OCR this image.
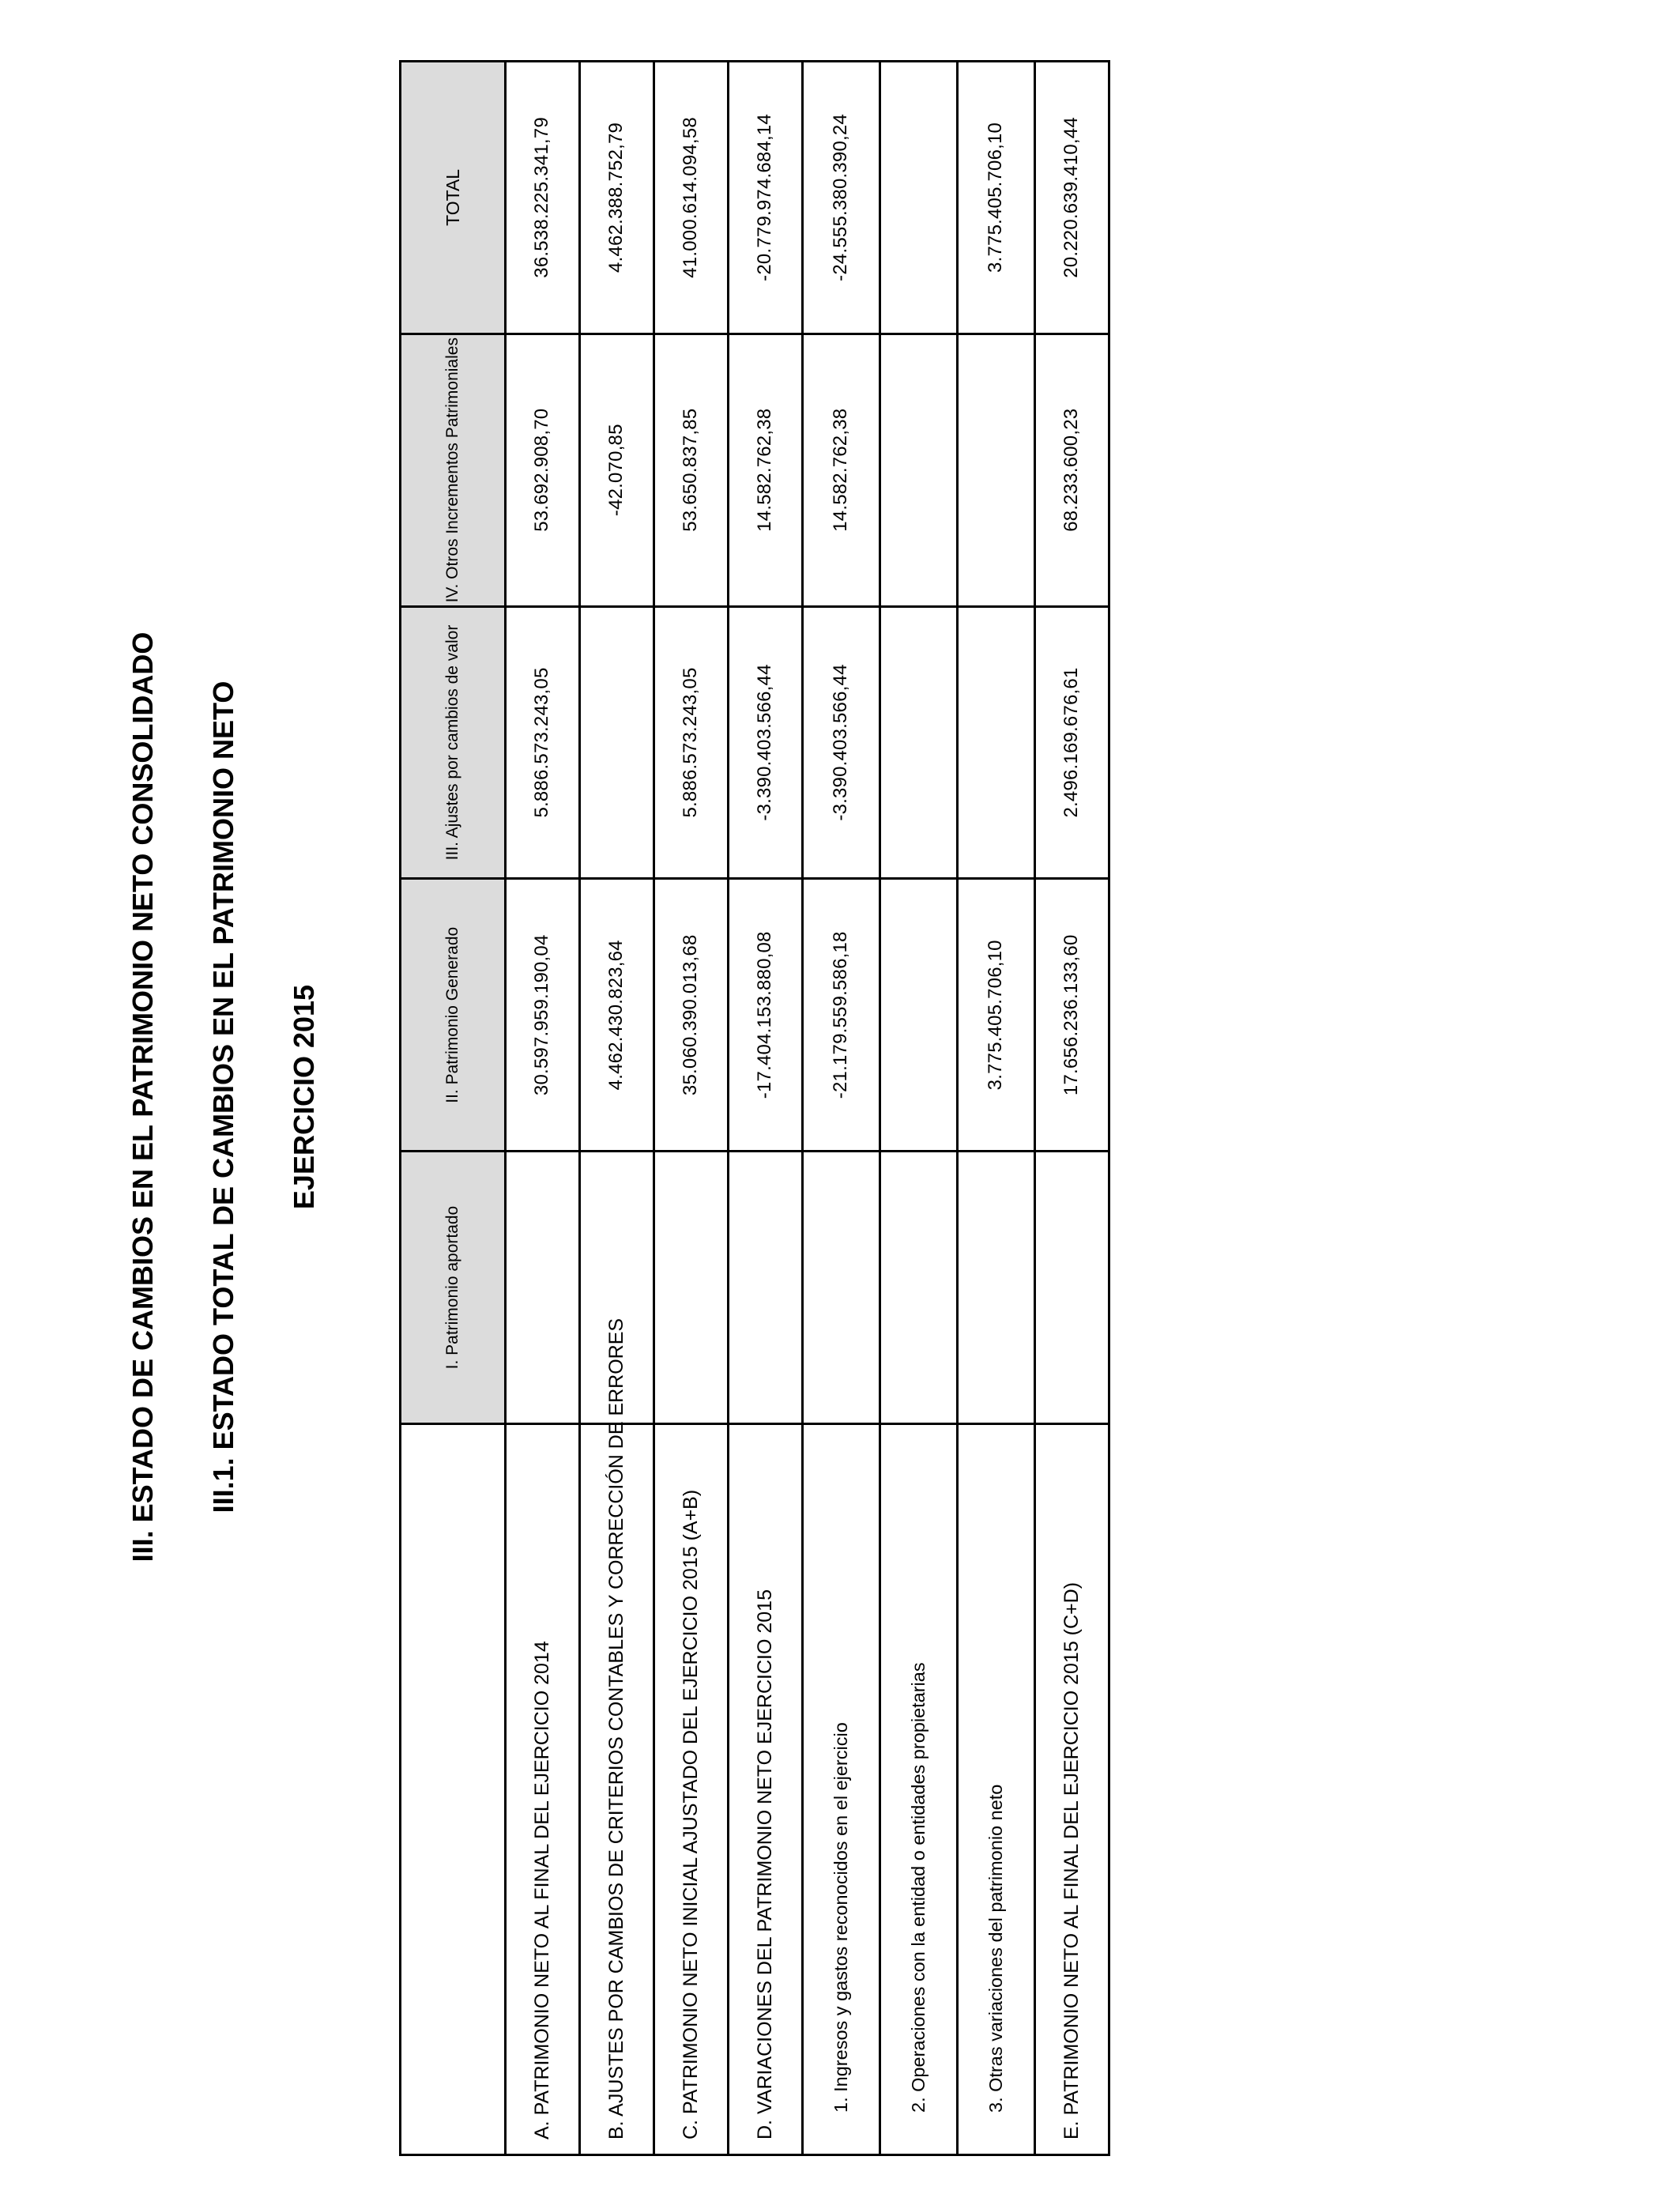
III. ESTADO DE CAMBIOS EN EL PATRIMONIO NETO CONSOLIDADO III.1. ESTADO TOTAL DE CAMBIOS EN EL PATRIMONIO NETO EJERCICIO 2015
	I. Patrimonio aportado	II. Patrimonio Generado	III. Ajustes por cambios de valor	IV. Otros Incrementos Patrimoniales	TOTAL
A. PATRIMONIO NETO AL FINAL DEL EJERCICIO 2014		30.597.959.190,04	5.886.573.243,05	53.692.908,70	36.538.225.341,79
B. AJUSTES POR CAMBIOS DE CRITERIOS CONTABLES Y CORRECCIÓN DE ERRORES		4.462.430.823,64		-42.070,85	4.462.388.752,79
C. PATRIMONIO NETO INICIAL AJUSTADO DEL EJERCICIO 2015 (A+B)		35.060.390.013,68	5.886.573.243,05	53.650.837,85	41.000.614.094,58
D. VARIACIONES DEL PATRIMONIO NETO EJERCICIO 2015		-17.404.153.880,08	-3.390.403.566,44	14.582.762,38	-20.779.974.684,14
1. Ingresos y gastos reconocidos en el ejercicio		-21.179.559.586,18	-3.390.403.566,44	14.582.762,38	-24.555.380.390,24
2. Operaciones con la entidad o entidades propietarias					
3. Otras variaciones del patrimonio neto		3.775.405.706,10			3.775.405.706,10
E. PATRIMONIO NETO AL FINAL DEL EJERCICIO 2015 (C+D)		17.656.236.133,60	2.496.169.676,61	68.233.600,23	20.220.639.410,44
